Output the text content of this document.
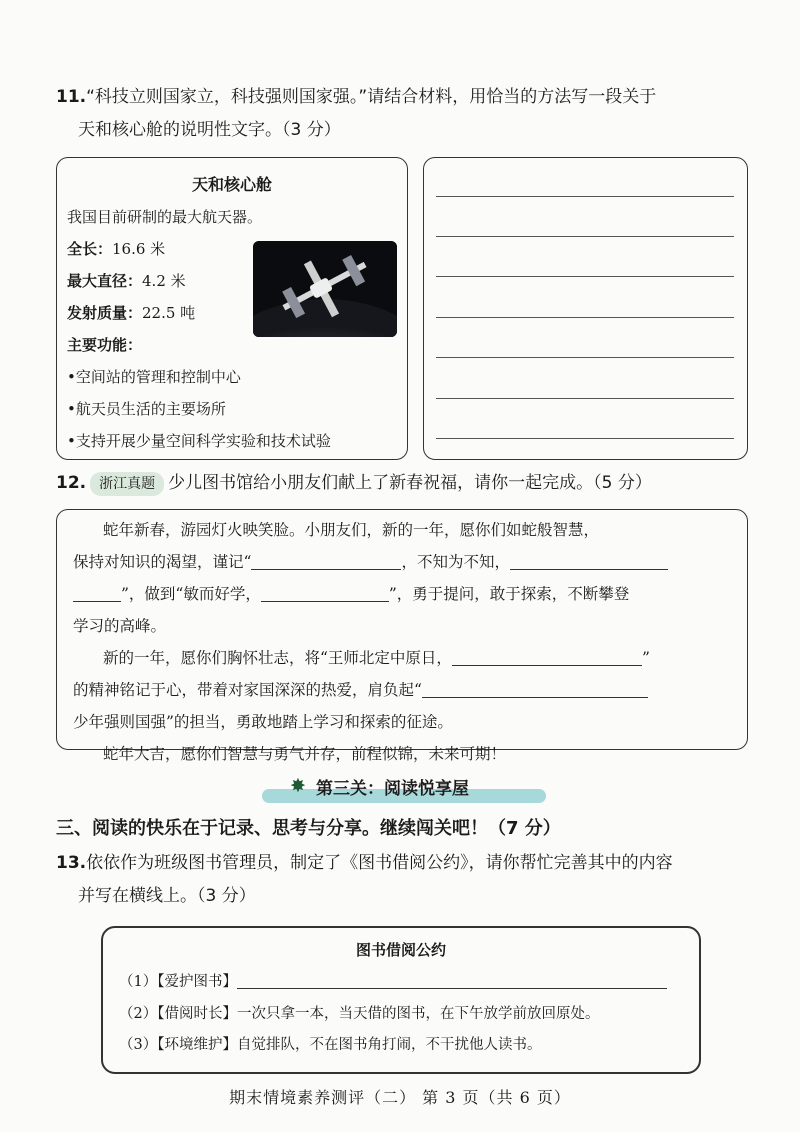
11.“科技立则国家立，科技强则国家强。”请结合材料，用恰当的方法写一段关于
天和核心舱的说明性文字。（3 分）
天和核心舱
我国目前研制的最大航天器。
全长：16.6 米
最大直径：4.2 米
发射质量：22.5 吨
主要功能：
•空间站的管理和控制中心
•航天员生活的主要场所
•支持开展少量空间科学实验和技术试验
12. 浙江真题 少儿图书馆给小朋友们献上了新春祝福，请你一起完成。（5 分）
蛇年新春，游园灯火映笑脸。小朋友们，新的一年，愿你们如蛇般智慧，
保持对知识的渴望，谨记“	，不知为不知，
”，做到“敏而好学，	”，勇于提问，敢于探索，不断攀登
学习的高峰。
新的一年，愿你们胸怀壮志，将“王师北定中原日，	”
的精神铭记于心，带着对家国深深的热爱，肩负起“
少年强则国强”的担当，勇敢地踏上学习和探索的征途。
蛇年大吉，愿你们智慧与勇气并存，前程似锦，未来可期！
✸ 第三关：阅读悦享屋
三、阅读的快乐在于记录、思考与分享。继续闯关吧！（7 分）
13.依依作为班级图书管理员，制定了《图书借阅公约》，请你帮忙完善其中的内容
并写在横线上。（3 分）
图书借阅公约
（1）【爱护图书】
（2）【借阅时长】一次只拿一本，当天借的图书，在下午放学前放回原处。
（3）【环境维护】自觉排队，不在图书角打闹，不干扰他人读书。
期末情境素养测评（二） 第 3 页（共 6 页）
